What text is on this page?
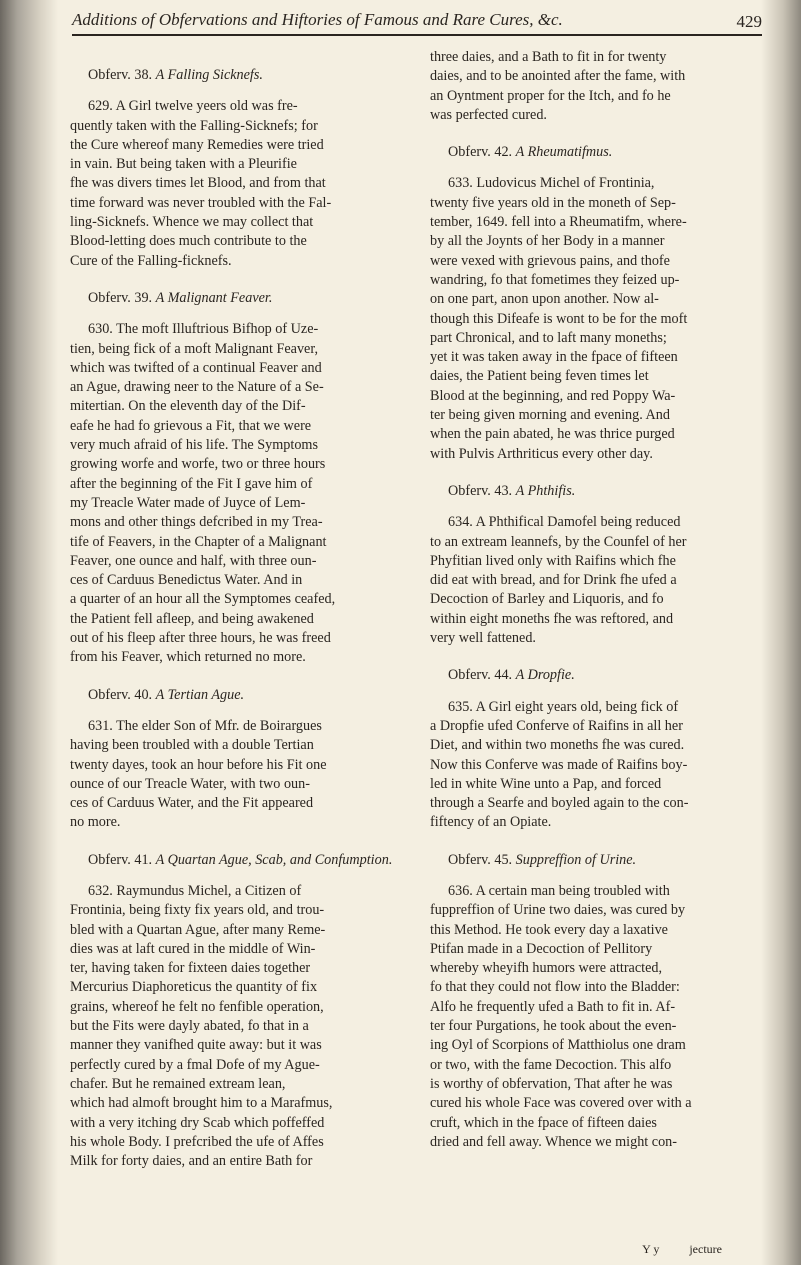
Additions of Obfervations and Hiftories of Famous and Rare Cures, &c.	429
Obferv. 38. A Falling Sicknefs.
629. A Girl twelve yeers old was fre-
quently taken with the Falling-Sicknefs; for
the Cure whereof many Remedies were tried
in vain. But being taken with a Pleurifie
fhe was divers times let Blood, and from that
time forward was never troubled with the Fal-
ling-Sicknefs. Whence we may collect that
Blood-letting does much contribute to the
Cure of the Falling-ficknefs.
Obferv. 39. A Malignant Feaver.
630. The moft Illuftrious Bifhop of Uze-
tien, being fick of a moft Malignant Feaver,
which was twifted of a continual Feaver and
an Ague, drawing neer to the Nature of a Se-
mitertian. On the eleventh day of the Dif-
eafe he had fo grievous a Fit, that we were
very much afraid of his life. The Symptoms
growing worfe and worfe, two or three hours
after the beginning of the Fit I gave him of
my Treacle Water made of Juyce of Lem-
mons and other things defcribed in my Trea-
tife of Feavers, in the Chapter of a Malignant
Feaver, one ounce and half, with three oun-
ces of Carduus Benedictus Water. And in
a quarter of an hour all the Symptomes ceafed,
the Patient fell afleep, and being awakened
out of his fleep after three hours, he was freed
from his Feaver, which returned no more.
Obferv. 40. A Tertian Ague.
631. The elder Son of Mfr. de Boirargues
having been troubled with a double Tertian
twenty dayes, took an hour before his Fit one
ounce of our Treacle Water, with two oun-
ces of Carduus Water, and the Fit appeared
no more.
Obferv. 41. A Quartan Ague, Scab, and Confumption.
632. Raymundus Michel, a Citizen of
Frontinia, being fixty fix years old, and trou-
bled with a Quartan Ague, after many Reme-
dies was at laft cured in the middle of Win-
ter, having taken for fixteen daies together
Mercurius Diaphoreticus the quantity of fix
grains, whereof he felt no fenfible operation,
but the Fits were dayly abated, fo that in a
manner they vanifhed quite away: but it was
perfectly cured by a fmal Dofe of my Ague-
chafer. But he remained extream lean,
which had almoft brought him to a Marafmus,
with a very itching dry Scab which poffeffed
his whole Body. I prefcribed the ufe of Affes
Milk for forty daies, and an entire Bath for
three daies, and a Bath to fit in for twenty
daies, and to be anointed after the fame, with
an Oyntment proper for the Itch, and fo he
was perfected cured.
Obferv. 42. A Rheumatifmus.
633. Ludovicus Michel of Frontinia,
twenty five years old in the moneth of Sep-
tember, 1649. fell into a Rheumatifm, where-
by all the Joynts of her Body in a manner
were vexed with grievous pains, and thofe
wandring, fo that fometimes they feized up-
on one part, anon upon another. Now al-
though this Difeafe is wont to be for the moft
part Chronical, and to laft many moneths;
yet it was taken away in the fpace of fifteen
daies, the Patient being feven times let
Blood at the beginning, and red Poppy Wa-
ter being given morning and evening. And
when the pain abated, he was thrice purged
with Pulvis Arthriticus every other day.
Obferv. 43. A Phthifis.
634. A Phthifical Damofel being reduced
to an extream leannefs, by the Counfel of her
Phyfitian lived only with Raifins which fhe
did eat with bread, and for Drink fhe ufed a
Decoction of Barley and Liquoris, and fo
within eight moneths fhe was reftored, and
very well fattened.
Obferv. 44. A Dropfie.
635. A Girl eight years old, being fick of
a Dropfie ufed Conferve of Raifins in all her
Diet, and within two moneths fhe was cured.
Now this Conferve was made of Raifins boy-
led in white Wine unto a Pap, and forced
through a Searfe and boyled again to the con-
fiftency of an Opiate.
Obferv. 45. Suppreffion of Urine.
636. A certain man being troubled with
fuppreffion of Urine two daies, was cured by
this Method. He took every day a laxative
Ptifan made in a Decoction of Pellitory
whereby wheyifh humors were attracted,
fo that they could not flow into the Bladder:
Alfo he frequently ufed a Bath to fit in. Af-
ter four Purgations, he took about the even-
ing Oyl of Scorpions of Matthiolus one dram
or two, with the fame Decoction. This alfo
is worthy of obfervation, That after he was
cured his whole Face was covered over with a
cruft, which in the fpace of fifteen daies
dried and fell away. Whence we might con-
Y y	jecture
